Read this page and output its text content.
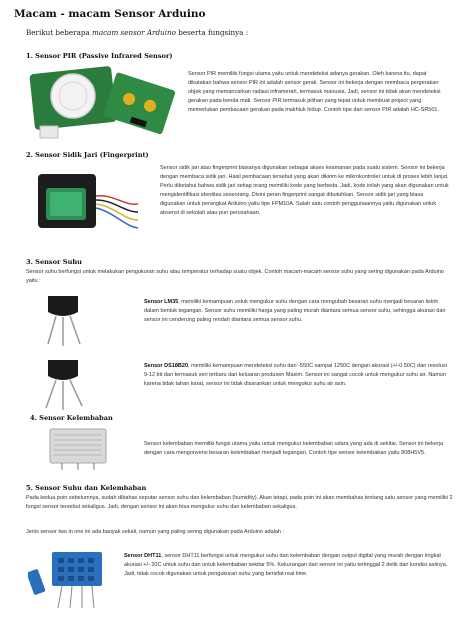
Macam - macam Sensor Arduino
Berikut beberapa macam sensor Arduino beserta fungsinya :
1. Sensor PIR (Passive Infrared Sensor)
Sensor PIR memiliki fungsi utama yaitu untuk mendeteksi adanya gerakan. Oleh karena itu, dapat dikatakan bahwa sensor PIR ini adalah sensor gerak. Sensor ini bekerja dengan membaca pergerakan objek yang memancarkan radiasi inframerah, termasuk manusia. Jadi, sensor ini tidak akan mendeteksi gerakan pada benda mati. Sensor PIR termasuk pilihan yang tepat untuk membuat project yang memerlukan pembacaan gerakan pada makhluk hidup. Contoh tipe dari sensor PIR adalah HC-SR501.
2. Sensor Sidik Jari (Fingerprint)
Sensor sidik jari atau fingerprint biasanya digunakan sebagai akses keamanan pada suatu sistem. Sensor ini bekerja dengan membaca sidik jari. Hasil pembacaan tersebut yang akan dikirim ke mikrokontroler untuk di proses lebih lanjut. Perlu diketahui bahwa sidik jari setiap orang memiliki kode yang berbeda. Jadi, kode inilah yang akan digunakan untuk mengidentifikasi identitas seseorang. Disini peran fingerprint sangat dibutuhkan. Sensor sidik jari yang biasa digunakan untuk perangkat Arduino yaitu tipe FPM10A. Salah satu contoh penggunaannya yaitu digunakan untuk absensi di sekolah atau pun perusahaan.
3. Sensor Suhu
Sensor suhu berfungsi untuk melakukan pengukuran suhu atau temperatur terhadap suatu objek. Contoh macam-macam sensor suhu yang sering digunakan pada Arduino yaitu :
Sensor LM35, memiliki kemampuan untuk mengukur suhu dengan cara mengubah besaran suhu menjadi besaran listrik dalam bentuk tegangan. Sensor suhu memiliki harga yang paling murah diantara semua sensor suhu, sehingga akurasi dari sensor ini cenderung paling rendah diantara semua sensor suhu.
Sensor DS18B20, memiliki kemampuan mendeteksi suhu dari -550C sampai 1250C dengan akurasi (+/-0.50C) dan resolusi 9-12 bit dan termasuk seri terbaru dari keluaran produsen Maxim. Sensor ini sangat cocok untuk mengukur suhu air. Namun karena tidak tahan karat, sensor ini tidak disarankan untuk mengukur suhu air asin.
4. Sensor Kelembaban
Sensor kelembaban memiliki fungsi utama yaitu untuk mengukur kelembaban udara yang ada di sekitar. Sensor ini bekerja dengan cara mengonversi besaran kelembaban menjadi tegangan. Contoh tipe sensor kelembaban yaitu 808H5V5.
5. Sensor Suhu dan Kelembaban
Pada kedua poin sebelumnya, sudah dibahas seputar sensor suhu dan kelembaban (humidity). Akan tetapi, pada poin ini akan membahas tentang satu sensor yang memiliki 2 fungsi sensor tersebut sekaligus. Jadi, dengan sensor ini akan bisa mengukur suhu dan kelembaban sekaligus.
Jenis sensor two in one ini ada banyak sekali, namun yang paling sering digunakan pada Arduino adalah :
Sensor DHT11, sensor DHT11 berfungsi untuk mengukur suhu dan kelembaban dengan output digital yang murah dengan tingkat akurasi +/- 20C untuk suhu dan untuk kelembaban sekitar 5%. Kekurangan dari sensor ini yaitu tertinggal 2 detik dari kondisi aslinya. Jadi, tidak cocok digunakan untuk pengukuran suhu yang bersifat real time.
